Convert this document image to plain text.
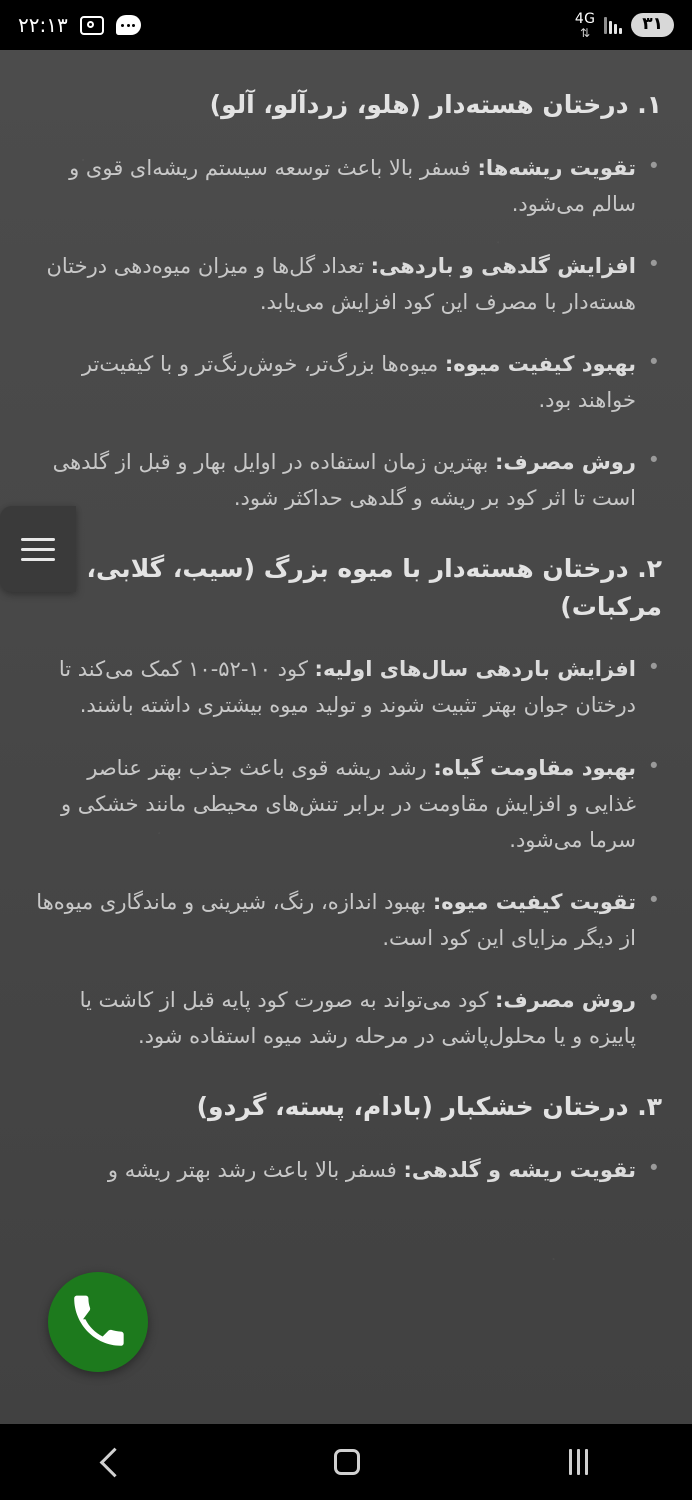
۳۱
4G
⇅
۲۲:۱۳
۱. درختان هسته‌دار (هلو، زردآلو، آلو)
• تقویت ریشه‌ها: فسفر بالا باعث توسعه سیستم ریشه‌ای قوی و سالم می‌شود.
• افزایش گلدهی و باردهی: تعداد گل‌ها و میزان میوه‌دهی درختان هسته‌دار با مصرف این کود افزایش می‌یابد.
• بهبود کیفیت میوه: میوه‌ها بزرگ‌تر، خوش‌رنگ‌تر و با کیفیت‌تر خواهند بود.
• روش مصرف: بهترین زمان استفاده در اوایل بهار و قبل از گلدهی است تا اثر کود بر ریشه و گلدهی حداکثر شود.
۲. درختان هسته‌دار با میوه بزرگ (سیب، گلابی، مرکبات)
• افزایش باردهی سال‌های اولیه: کود ۱۰-۵۲-۱۰ کمک می‌کند تا درختان جوان بهتر تثبیت شوند و تولید میوه بیشتری داشته باشند.
• بهبود مقاومت گیاه: رشد ریشه قوی باعث جذب بهتر عناصر غذایی و افزایش مقاومت در برابر تنش‌های محیطی مانند خشکی و سرما می‌شود.
• تقویت کیفیت میوه: بهبود اندازه، رنگ، شیرینی و ماندگاری میوه‌ها از دیگر مزایای این کود است.
• روش مصرف: کود می‌تواند به صورت کود پایه قبل از کاشت یا پاییزه و یا محلول‌پاشی در مرحله رشد میوه استفاده شود.
۳. درختان خشکبار (بادام، پسته، گردو)
• تقویت ریشه و گلدهی: فسفر بالا باعث رشد بهتر ریشه و
